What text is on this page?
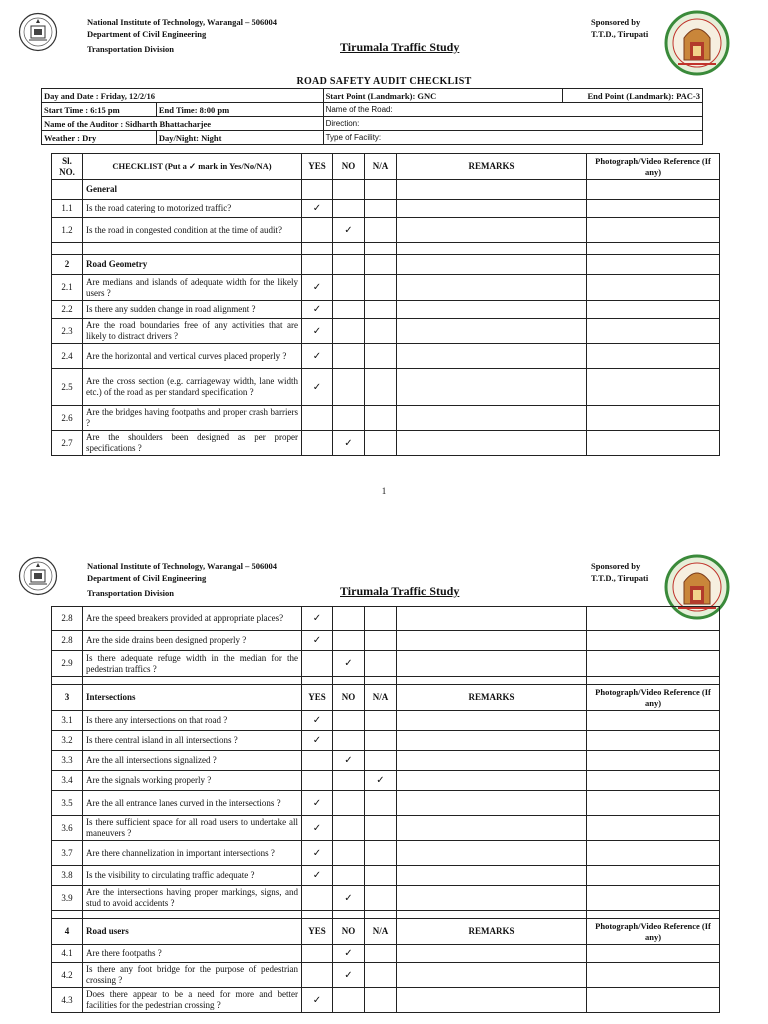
National Institute of Technology, Warangal – 506004
Department of Civil Engineering
Transportation Division	Tirumala Traffic Study
Sponsored by
T.T.D., Tirupati
ROAD SAFETY AUDIT CHECKLIST
Day and Date : Friday, 12/2/16		Start Point (Landmark): GNC	End Point (Landmark): PAC-3
Start Time : 6:15 pm	End Time: 8:00 pm	Name of the Road:	
Name of the Auditor : Sidharth Bhattacharjee		Direction:	
Weather : Dry	Day/Night: Night	Type of Facility:	
Sl. NO.	CHECKLIST (Put a ✓ mark in Yes/No/NA)	YES	NO	N/A	REMARKS	Photograph/Video Reference (If any)
	General					
1.1	Is the road catering to motorized traffic?	✓				
1.2	Is the road in congested condition at the time of audit?		✓			

2	Road Geometry					
2.1	Are medians and islands of adequate width for the likely users ?	✓				
2.2	Is there any sudden change in road alignment ?	✓				
2.3	Are the road boundaries free of any activities that are likely to distract drivers ?	✓				
2.4	Are the horizontal and vertical curves placed properly ?	✓				
2.5	Are the cross section (e.g. carriageway width, lane width etc.) of the road as per standard specification ?	✓				
2.6	Are the bridges having footpaths and proper crash barriers ?					
2.7	Are the shoulders been designed as per proper specifications ?		✓			
1
National Institute of Technology, Warangal – 506004
Department of Civil Engineering
Transportation Division	Tirumala Traffic Study
Sponsored by
T.T.D., Tirupati
2.8	Are the speed breakers provided at appropriate places?	✓				
2.8	Are the side drains been designed properly ?	✓				
2.9	Is there adequate refuge width in the median for the pedestrian traffics ?		✓			

3	Intersections	YES	NO	N/A	REMARKS	Photograph/Video Reference (If any)
3.1	Is there any intersections on that road ?	✓				
3.2	Is there central island in all intersections ?	✓				
3.3	Are the all intersections signalized ?		✓			
3.4	Are the signals working properly ?			✓		
3.5	Are the all entrance lanes curved in the intersections ?	✓				
3.6	Is there sufficient space for all road users to undertake all maneuvers ?	✓				
3.7	Are there channelization in important intersections ?	✓				
3.8	Is the visibility to circulating traffic adequate ?	✓				
3.9	Are the intersections having proper markings, signs, and stud to avoid accidents ?		✓			

4	Road users	YES	NO	N/A	REMARKS	Photograph/Video Reference (If any)
4.1	Are there footpaths ?		✓			
4.2	Is there any foot bridge for the purpose of pedestrian crossing ?		✓			
4.3	Does there appear to be a need for more and better facilities for the pedestrian crossing ?	✓				
